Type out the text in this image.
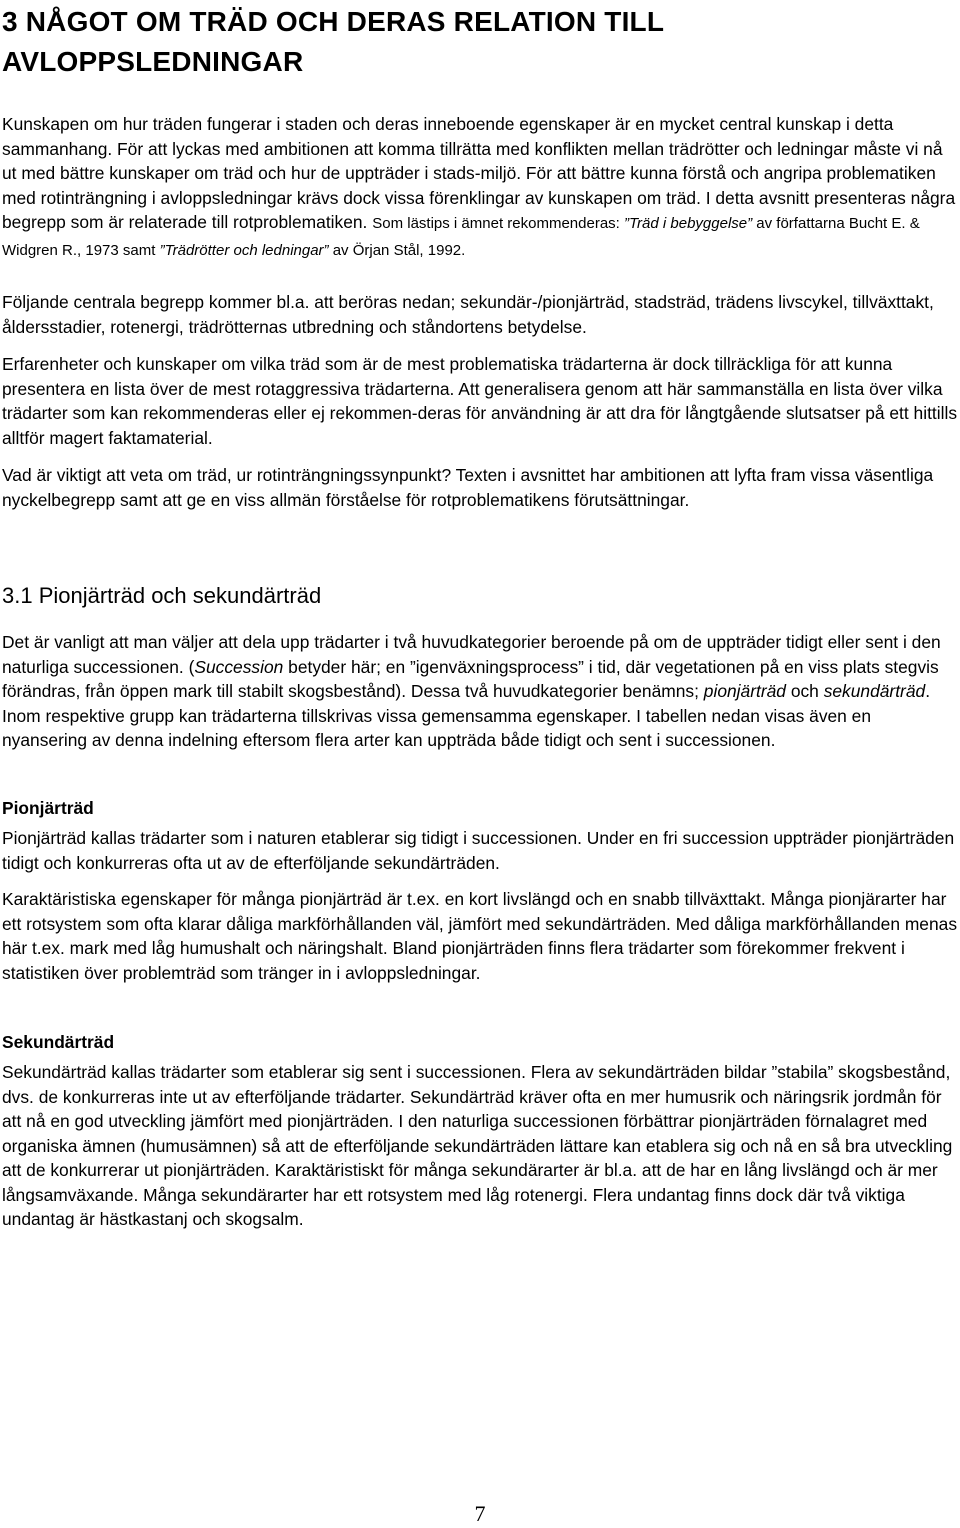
3 NÅGOT OM TRÄD OCH DERAS RELATION TILL AVLOPPSLEDNINGAR

Kunskapen om hur träden fungerar i staden och deras inneboende egenskaper är en mycket central kunskap i detta sammanhang. För att lyckas med ambitionen att komma tillrätta med konflikten mellan trädrötter och ledningar måste vi nå ut med bättre kunskaper om träd och hur de uppträder i stads-miljö. För att bättre kunna förstå och angripa problematiken med rotinträngning i avloppsledningar krävs dock vissa förenklingar av kunskapen om träd. I detta avsnitt presenteras några begrepp som är relaterade till rotproblematiken. Som lästips i ämnet rekommenderas: ”Träd i bebyggelse” av författarna Bucht E. & Widgren R., 1973 samt ”Trädrötter och ledningar” av Örjan Stål, 1992.

Följande centrala begrepp kommer bl.a. att beröras nedan; sekundär-/pionjärträd, stadsträd, trädens livscykel, tillväxttakt, åldersstadier, rotenergi, trädrötternas utbredning och ståndortens betydelse.

Erfarenheter och kunskaper om vilka träd som är de mest problematiska trädarterna är dock tillräckliga för att kunna presentera en lista över de mest rotaggressiva trädarterna. Att generalisera genom att här sammanställa en lista över vilka trädarter som kan rekommenderas eller ej rekommen-deras för användning är att dra för långtgående slutsatser på ett hittills alltför magert faktamaterial.

Vad är viktigt att veta om träd, ur rotinträngningssynpunkt? Texten i avsnittet har ambitionen att lyfta fram vissa väsentliga nyckelbegrepp samt att ge en viss allmän förståelse för rotproblematikens förutsättningar.

3.1 Pionjärträd och sekundärträd

Det är vanligt att man väljer att dela upp trädarter i två huvudkategorier beroende på om de uppträder tidigt eller sent i den naturliga successionen. (Succession betyder här; en ”igenväxningsprocess” i tid, där vegetationen på en viss plats stegvis förändras, från öppen mark till stabilt skogsbestånd). Dessa två huvudkategorier benämns; pionjärträd och sekundärträd. Inom respektive grupp kan trädarterna tillskrivas vissa gemensamma egenskaper. I tabellen nedan visas även en nyansering av denna indelning eftersom flera arter kan uppträda både tidigt och sent i successionen.

Pionjärträd

Pionjärträd kallas trädarter som i naturen etablerar sig tidigt i successionen. Under en fri succession uppträder pionjärträden tidigt och konkurreras ofta ut av de efterföljande sekundärträden.

Karaktäristiska egenskaper för många pionjärträd är t.ex. en kort livslängd och en snabb tillväxttakt. Många pionjärarter har ett rotsystem som ofta klarar dåliga markförhållanden väl, jämfört med sekundärträden. Med dåliga markförhållanden menas här t.ex. mark med låg humushalt och näringshalt. Bland pionjärträden finns flera trädarter som förekommer frekvent i statistiken över problemträd som tränger in i avloppsledningar.

Sekundärträd

Sekundärträd kallas trädarter som etablerar sig sent i successionen. Flera av sekundärträden bildar ”stabila” skogsbestånd, dvs. de konkurreras inte ut av efterföljande trädarter. Sekundärträd kräver ofta en mer humusrik och näringsrik jordmån för att nå en god utveckling jämfört med pionjärträden. I den naturliga successionen förbättrar pionjärträden förnalagret med organiska ämnen (humusämnen) så att de efterföljande sekundärträden lättare kan etablera sig och nå en så bra utveckling att de konkurrerar ut pionjärträden. Karaktäristiskt för många sekundärarter är bl.a. att de har en lång livslängd och är mer långsamväxande. Många sekundärarter har ett rotsystem med låg rotenergi. Flera undantag finns dock där två viktiga undantag är hästkastanj och skogsalm.

7
